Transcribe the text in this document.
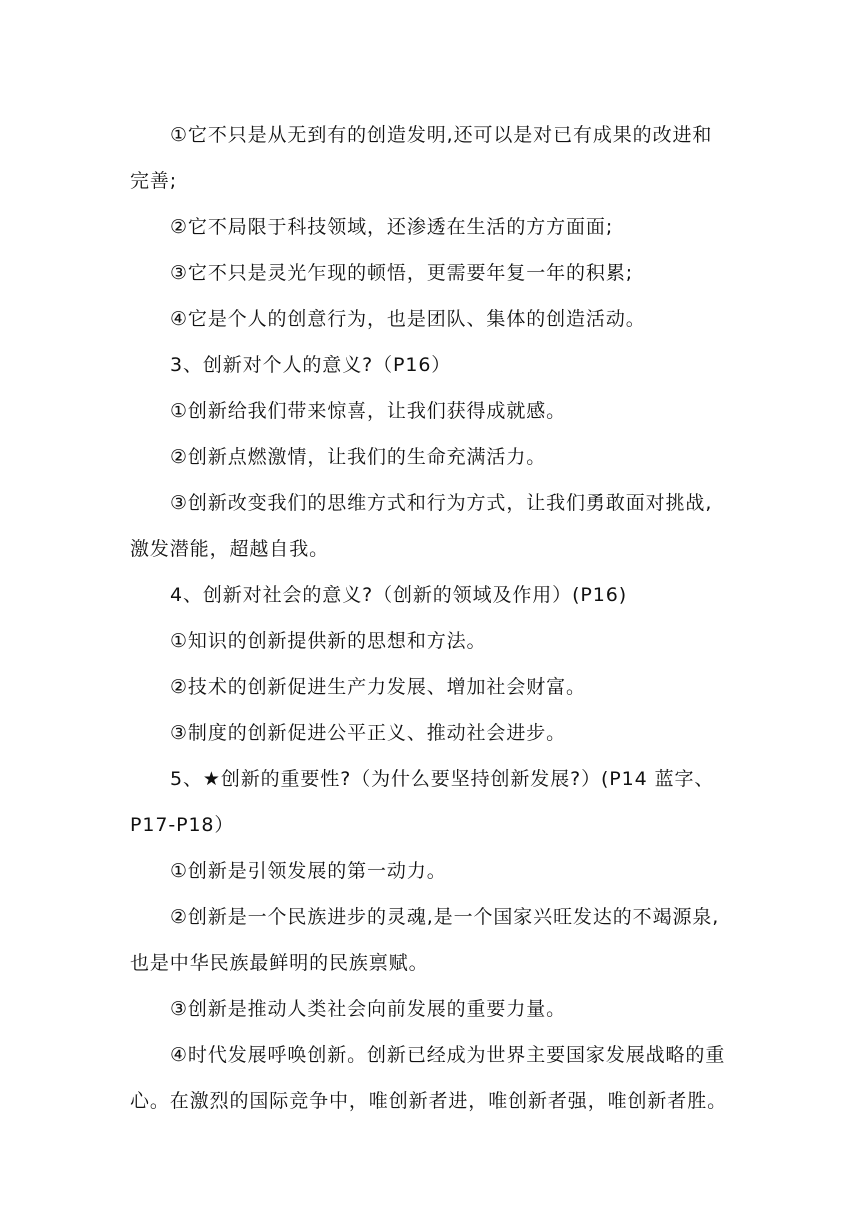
①它不只是从无到有的创造发明,还可以是对已有成果的改进和

完善;

②它不局限于科技领域，还渗透在生活的方方面面;

③它不只是灵光乍现的顿悟，更需要年复一年的积累;

④它是个人的创意行为，也是团队、集体的创造活动。

3、创新对个人的意义?（P16）

①创新给我们带来惊喜，让我们获得成就感。

②创新点燃激情，让我们的生命充满活力。

③创新改变我们的思维方式和行为方式，让我们勇敢面对挑战,

激发潜能，超越自我。

4、创新对社会的意义?（创新的领域及作用）(P16)

①知识的创新提供新的思想和方法。

②技术的创新促进生产力发展、增加社会财富。

③制度的创新促进公平正义、推动社会进步。

5、★创新的重要性?（为什么要坚持创新发展?）(P14 蓝字、

P17-P18）

①创新是引领发展的第一动力。

②创新是一个民族进步的灵魂,是一个国家兴旺发达的不竭源泉,

也是中华民族最鲜明的民族禀赋。

③创新是推动人类社会向前发展的重要力量。

④时代发展呼唤创新。创新已经成为世界主要国家发展战略的重

心。在激烈的国际竞争中，唯创新者进，唯创新者强，唯创新者胜。
